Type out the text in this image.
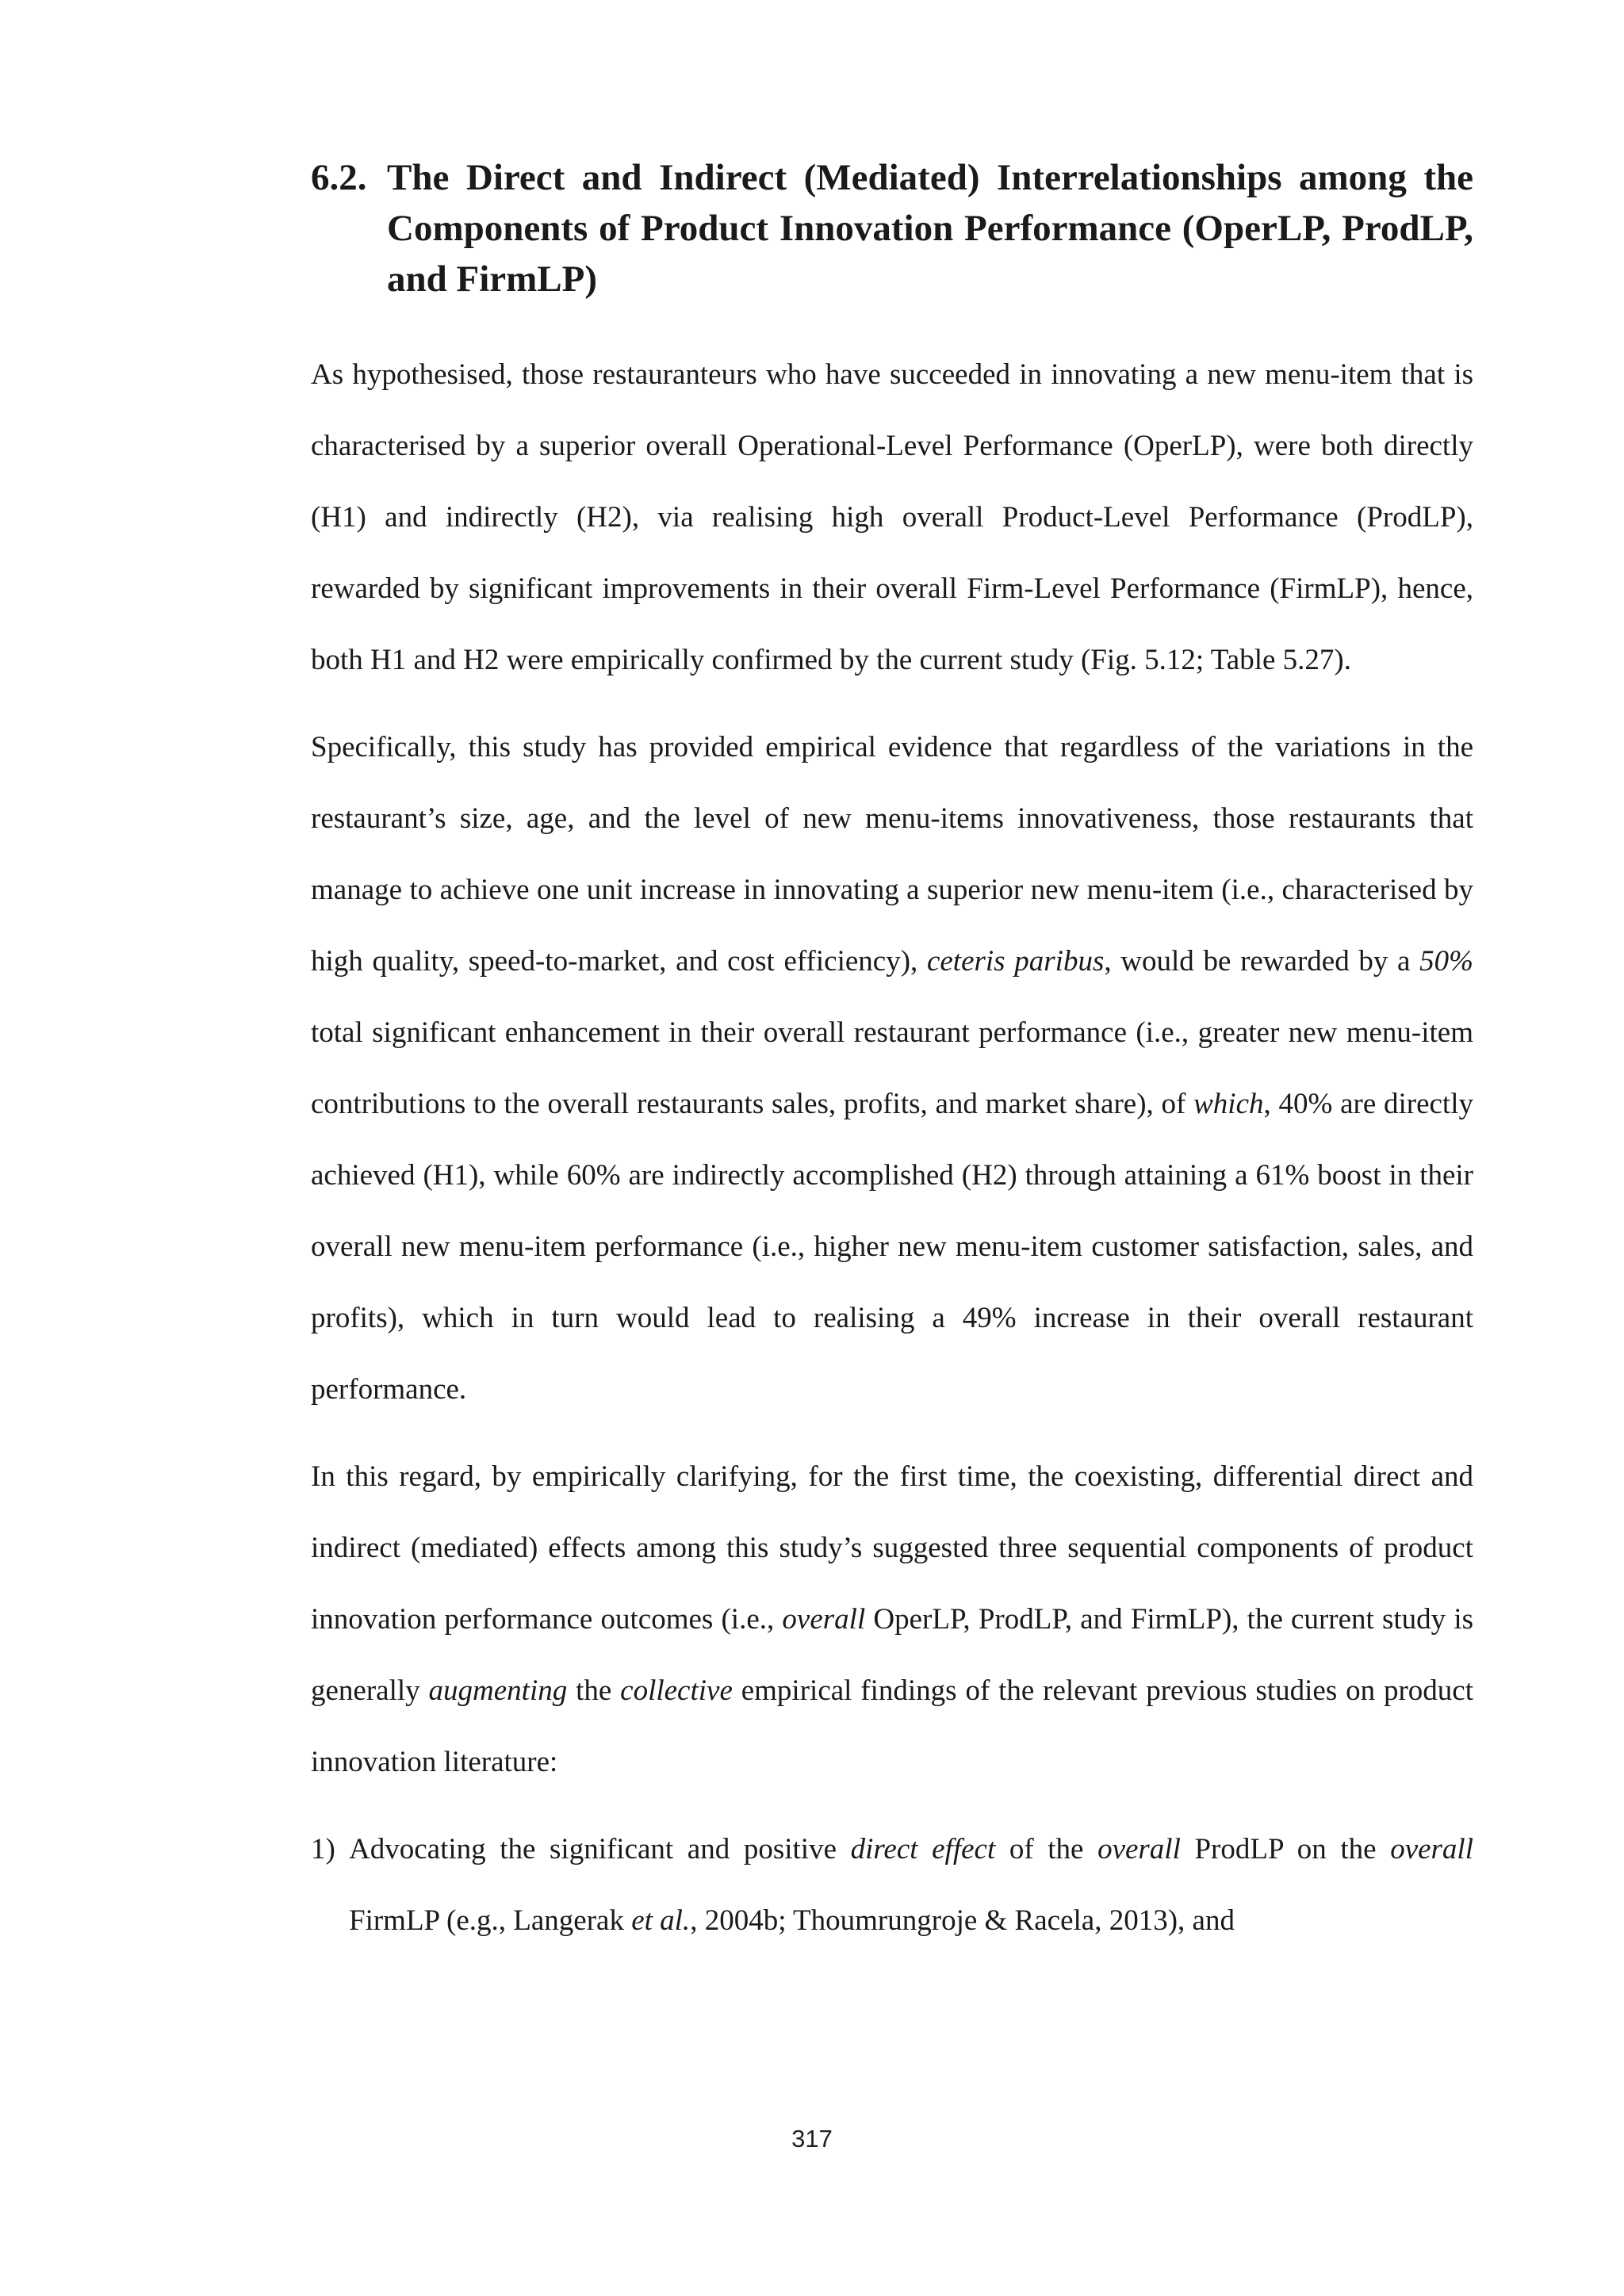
6.2. The Direct and Indirect (Mediated) Interrelationships among the Components of Product Innovation Performance (OperLP, ProdLP, and FirmLP)

As hypothesised, those restauranteurs who have succeeded in innovating a new menu-item that is characterised by a superior overall Operational-Level Performance (OperLP), were both directly (H1) and indirectly (H2), via realising high overall Product-Level Performance (ProdLP), rewarded by significant improvements in their overall Firm-Level Performance (FirmLP), hence, both H1 and H2 were empirically confirmed by the current study (Fig. 5.12; Table 5.27).

Specifically, this study has provided empirical evidence that regardless of the variations in the restaurant’s size, age, and the level of new menu-items innovativeness, those restaurants that manage to achieve one unit increase in innovating a superior new menu-item (i.e., characterised by high quality, speed-to-market, and cost efficiency), ceteris paribus, would be rewarded by a 50% total significant enhancement in their overall restaurant performance (i.e., greater new menu-item contributions to the overall restaurants sales, profits, and market share), of which, 40% are directly achieved (H1), while 60% are indirectly accomplished (H2) through attaining a 61% boost in their overall new menu-item performance (i.e., higher new menu-item customer satisfaction, sales, and profits), which in turn would lead to realising a 49% increase in their overall restaurant performance.

In this regard, by empirically clarifying, for the first time, the coexisting, differential direct and indirect (mediated) effects among this study’s suggested three sequential components of product innovation performance outcomes (i.e., overall OperLP, ProdLP, and FirmLP), the current study is generally augmenting the collective empirical findings of the relevant previous studies on product innovation literature:

1) Advocating the significant and positive direct effect of the overall ProdLP on the overall FirmLP (e.g., Langerak et al., 2004b; Thoumrungroje & Racela, 2013), and
317
